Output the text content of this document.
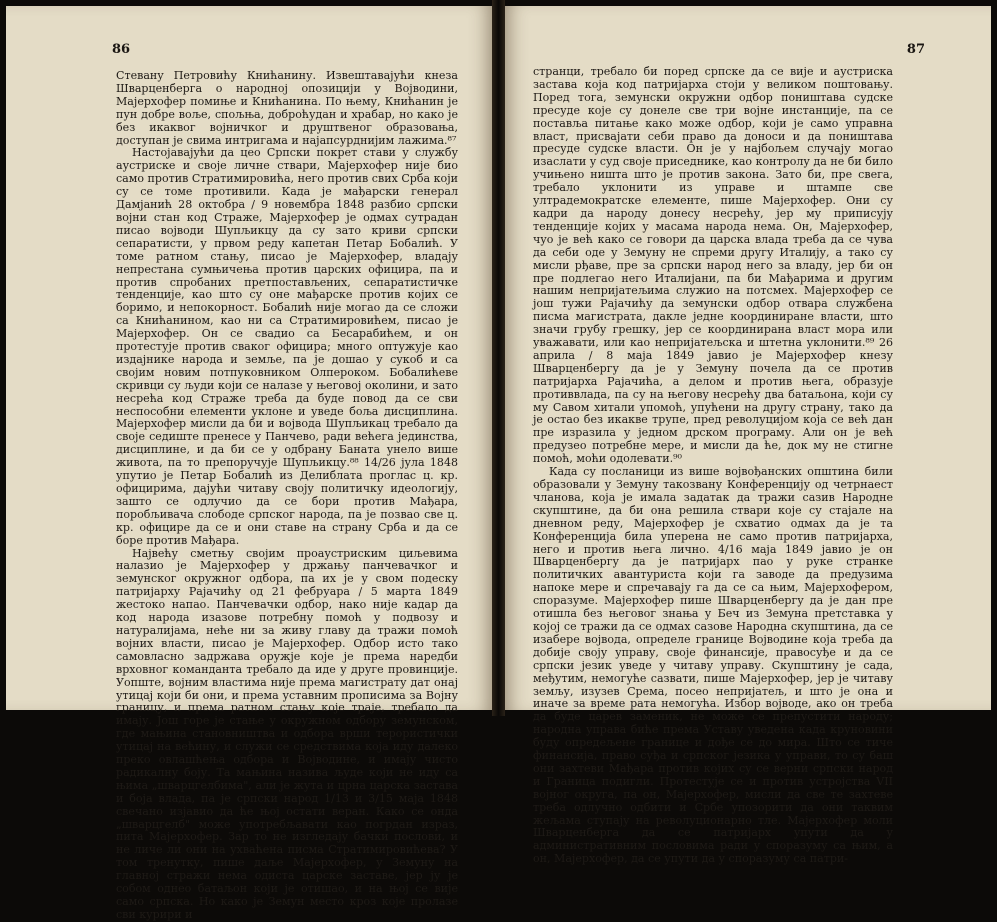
86

Стевану Петровићу Книћанину. Извештавајући кнеза Шварценберга о народној опозицији у Војводини, Мајерхофер помиње и Книћанина. По њему, Книћанин је пун добре воље, спољња, доброћудан и храбар, но како је без икаквог војничког и друштвеног образовања, доступан је свима интригама и најапсурднијим лажима.⁸⁷

Настојавајући да цео Српски покрет стави у службу аустриске и своје личне ствари, Мајерхофер није био само против Стратимировића, него против свих Срба који су се томе противили. Када је мађарски генерал Дамјанић 28 октобра / 9 новембра 1848 разбио српски војни стан код Страже, Мајерхофер је одмах сутрадан писао војводи Шупљикцу да су зато криви српски сепаратисти, у првом реду капетан Петар Бобалић. У томе ратном стању, писао је Мајерхофер, владају непрестана сумњичења против царских официра, па и против спробаних претпостављених, сепаратистичке тенденције, као што су оне мађарске против којих се боримо, и непокорност. Бобалић није могао да се сложи са Книћанином, као ни са Стратимировићем, писао је Мајерхофер. Он се свадио са Бесарабићем, и он протестује против сваког официра; много оптужује као издајнике народа и земље, па је дошао у сукоб и са својим новим потпуковником Олпероком. Бобалићеве скривци су људи који се налазе у његовој околини, и зато несрећа код Страже треба да буде повод да се сви неспособни елементи уклоне и уведе боља дисциплина. Мајерхофер мисли да би и војвода Шупљикац требало да своје седиште пренесе у Панчево, ради већега јединства, дисциплине, и да би се у одбрану Баната унело више живота, па то препоручује Шупљикцу.⁸⁸ 14/26 јула 1848 упутио је Петар Бобалић из Делиблата проглас ц. кр. официрима, дајући читаву своју политичку идеологију, зашто се одлучио да се бори против Мађара, поробљивача слободе српског народа, па је позвао све ц. кр. официре да се и они ставе на страну Срба и да се боре против Мађара.

Највећу сметњу својим проаустриским циљевима налазио је Мајерхофер у држању панчевачког и земунског окружног одбора, па их је у свом подеску патријарху Рајачићу од 21 фебруара / 5 марта 1849 жестоко напао. Панчевачки одбор, нако није кадар да код народа изазове потребну помоћ у подвозу и натуралијама, неће ни за живу главу да тражи помоћ војних власти, писао је Мајерхофер. Одбор исто тако самовласно задржава оружје које је према наредби врховног команданта требало да иде у друге провинције. Уопште, војним властима није према магистрату дат онај утицај који би они, и према уставним прописима за Војну границу, и према ратном стању које траје, требало да имају. Још горе је стање у окружном одбору земунском, где мањина становништва и одбора врши терористички утицај на већину, и служи се средствима која иду далеко преко овлашћења одбора и Војводине, и имају чисто радикалну боју. Та мањина назива људе који не иду са њима „шварцгелбима", али је жута и црна царска застава и боја влада, па је српски народ 1/13 и 3/15 маја 1848 свечано изјавио да ће њој остати веран. Како се онда „шварцгелб" може употребљавати као погрдан израз, пита Мајерхофер. Зар то не изгледају бачки послови, и не личе ли они на ухваћена писма Стратимировићева? У том тренутку, пише даље Мајерхофер, у Земуну на главној стражи нема одиста царске заставе, јер ју је собом однео батаљон који је отишао, и на њој се вије само српска. Но како је Земун место кроз које пролазе сви курири и

87

странци, требало би поред српске да се вије и аустриска застава која код патријарха стоји у великом поштовању. Поред тога, земунски окружни одбор поништава судске пресуде које су донеле све три војне инстанције, па се поставља питање како може одбор, који је само управна власт, присвајати себи право да доноси и да поништава пресуде судске власти. Он је у најбољем случају могао изаслати у суд своје приседнике, као контролу да не би било учињено ништа што је против закона. Зато би, пре свега, требало уклонити из управе и штампе све ултрадемократске елементе, пише Мајерхофер. Они су кадри да народу донесу несрећу, јер му приписују тенденције којих у масама народа нема. Он, Мајерхофер, чуо је већ како се говори да царска влада треба да се чува да себи оде у Земуну не спреми другу Италију, а тако су мисли рђаве, пре за српски народ него за владу, јер би он пре подлегао него Италијани, па би Мађарима и другим нашим непријатељима служио на потсмех. Мајерхофер се још тужи Рајачићу да земунски одбор отвара службена писма магистрата, дакле једне координиране власти, што значи грубу грешку, јер се координирана власт мора или уважавати, или као непријатељска и штетна уклонити.⁸⁹ 26 априла / 8 маја 1849 јавио је Мајерхофер кнезу Шварценбергу да је у Земуну почела да се против патријарха Рајачића, а делом и против њега, образује противвлада, па су на његову несрећу два батаљона, који су му Савом хитали упомоћ, упућени на другу страну, тако да је остао без икакве трупе, пред револуцијом која се већ дан пре изразила у једном дрском програму. Али он је већ предузео потребне мере, и мисли да ће, док му не стигне помоћ, моћи одолевати.⁹⁰

Када су посланици из више војвођанских општина били образовали у Земуну такозвану Конференцију од четрнаест чланова, која је имала задатак да тражи сазив Народне скупштине, да би она решила ствари које су стајале на дневном реду, Мајерхофер је схватио одмах да је та Конференција била уперена не само против патријарха, него и против њега лично. 4/16 маја 1849 јавио је он Шварценбергу да је патријарх пао у руке странке политичких авантуриста који га заводе да предузима напоке мере и спречавају га да се са њим, Мајерхофером, споразуме. Мајерхофер пише Шварценбергу да је дан пре отишла без његовог знања у Беч из Земуна претставка у којој се тражи да се одмах сазове Народна скупштина, да се изабере војвода, определе границе Војводине која треба да добије своју управу, своје финансије, правосуђе и да се српски језик уведе у читаву управу. Скупштину је сада, међутим, немогуће сазвати, пише Мајерхофер, јер је читаву земљу, изузев Срема, посео непријатељ, и што је она и иначе за време рата немогућа. Избор војводе, ако он треба да буде царев заменик, не може се препустити народу; народна управа биће према Уставу уведена када круновини буду опредељене границе и дође се до мира. Што се тиче финансија, право суђа и српског језика у управи, то су баш они захтеви Мађара против којих су се верни српски народ и Граница подигли. Протестује се и против устројства VII војног округа, па он, Мајерхофер, мисли да све те захтеве треба одлучно одбити и Србе упозорити да они таквим жељама ступају на револуционарно тле. Мајерхофер моли Шварценберга да се патријарх упути да у административним пословима ради у споразуму са њим, а он, Мајерхофер, да се упути да у споразуму са патри-
